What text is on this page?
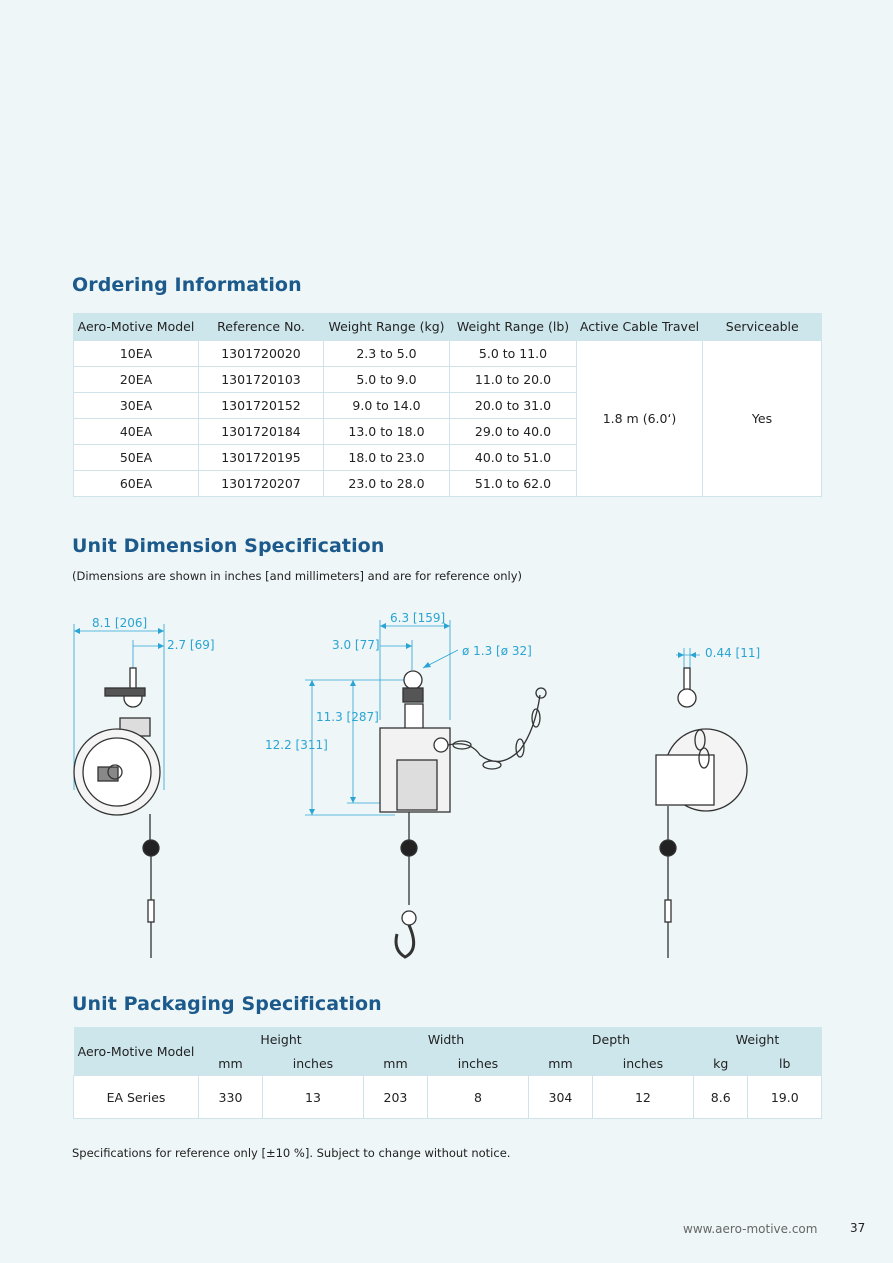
Ordering Information
Aero-Motive Model	Reference No.	Weight Range (kg)	Weight Range (lb)	Active Cable Travel	Serviceable
10EA	1301720020	2.3 to 5.0	5.0 to 11.0	1.8 m (6.0‘)	Yes
20EA	1301720103	5.0 to 9.0	11.0 to 20.0		
30EA	1301720152	9.0 to 14.0	20.0 to 31.0		
40EA	1301720184	13.0 to 18.0	29.0 to 40.0		
50EA	1301720195	18.0 to 23.0	40.0 to 51.0		
60EA	1301720207	23.0 to 28.0	51.0 to 62.0		
Unit Dimension Specification
(Dimensions are shown in inches [and millimeters] and are for reference only)
8.1 [206]
2.7 [69]
6.3 [159]
3.0 [77]	ø 1.3 [ø 32]
11.3 [287]
12.2 [311]
0.44 [11]
Unit Packaging Specification
Aero-Motive Model	Height		Width		Depth		Weight	
	mm	inches	mm	inches	mm	inches	kg	lb
EA Series	330	13	203	8	304	12	8.6	19.0
Specifications for reference only [±10 %]. Subject to change without notice.
www.aero-motive.com	37
